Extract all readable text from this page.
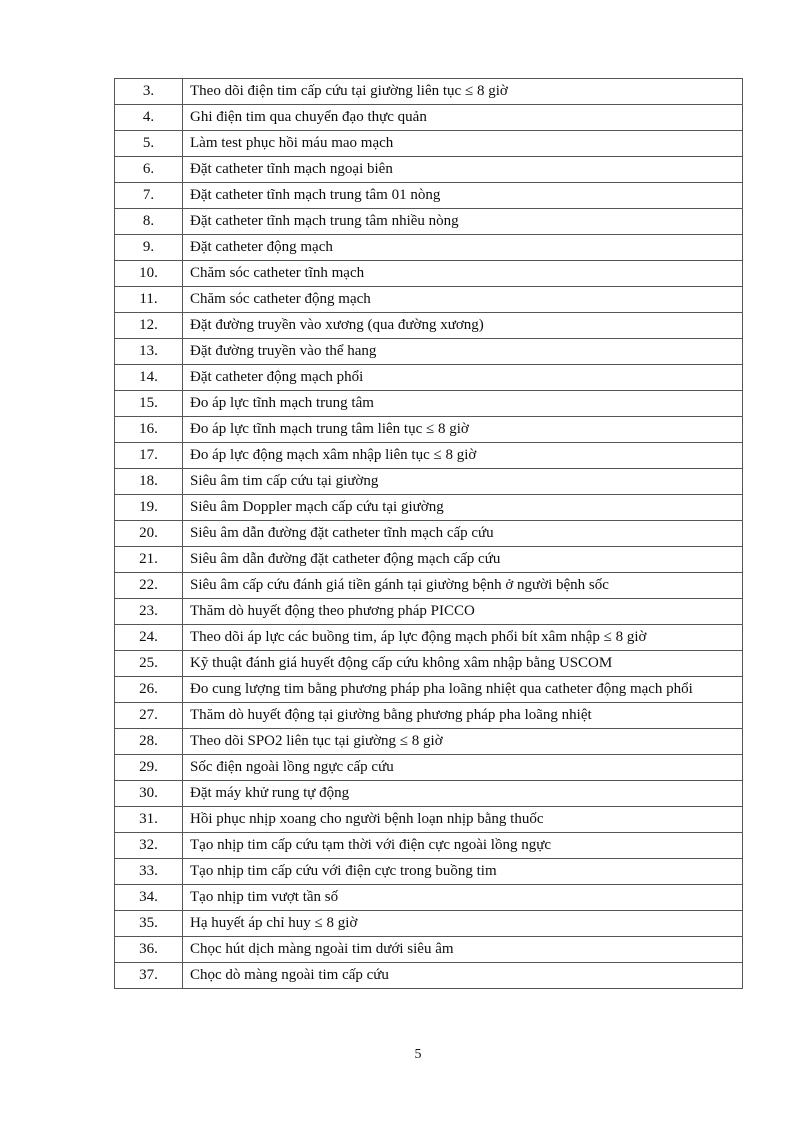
3.	Theo dõi điện tim cấp cứu tại giường liên tục ≤ 8 giờ
4.	Ghi điện tim qua chuyển đạo thực quản
5.	Làm test phục hồi máu mao mạch
6.	Đặt catheter tĩnh mạch ngoại biên
7.	Đặt catheter tĩnh mạch trung tâm 01 nòng
8.	Đặt catheter tĩnh mạch trung tâm nhiều nòng
9.	Đặt catheter động mạch
10.	Chăm sóc catheter tĩnh mạch
11.	Chăm sóc catheter động mạch
12.	Đặt đường truyền vào xương (qua đường xương)
13.	Đặt đường truyền vào thể hang
14.	Đặt catheter động mạch phổi
15.	Đo áp lực tĩnh mạch trung tâm
16.	Đo áp lực tĩnh mạch trung tâm liên tục ≤ 8 giờ
17.	Đo áp lực động mạch xâm nhập liên tục ≤ 8 giờ
18.	Siêu âm tim cấp cứu tại giường
19.	Siêu âm Doppler mạch cấp cứu tại giường
20.	Siêu âm dẫn đường đặt catheter tĩnh mạch cấp cứu
21.	Siêu âm dẫn đường đặt catheter động mạch cấp cứu
22.	Siêu âm cấp cứu đánh giá tiền gánh tại giường bệnh ở người bệnh sốc
23.	Thăm dò huyết động theo phương pháp PICCO
24.	Theo dõi áp lực các buồng tim, áp lực động mạch phổi bít xâm nhập ≤ 8 giờ
25.	Kỹ thuật đánh giá huyết động cấp cứu không xâm nhập bằng USCOM
26.	Đo cung lượng tim bằng phương pháp pha loãng nhiệt qua catheter động mạch phổi
27.	Thăm dò huyết động tại giường bằng phương pháp pha loãng nhiệt
28.	Theo dõi SPO2 liên tục tại giường ≤ 8 giờ
29.	Sốc điện ngoài lồng ngực cấp cứu
30.	Đặt máy khử rung tự động
31.	Hồi phục nhịp xoang cho người bệnh loạn nhịp bằng thuốc
32.	Tạo nhịp tim cấp cứu tạm thời với điện cực ngoài lồng ngực
33.	Tạo nhịp tim cấp cứu với điện cực trong buồng tim
34.	Tạo nhịp tim vượt tần số
35.	Hạ huyết áp chỉ huy ≤ 8 giờ
36.	Chọc hút dịch màng ngoài tim dưới siêu âm
37.	Chọc dò màng ngoài tim cấp cứu
5
